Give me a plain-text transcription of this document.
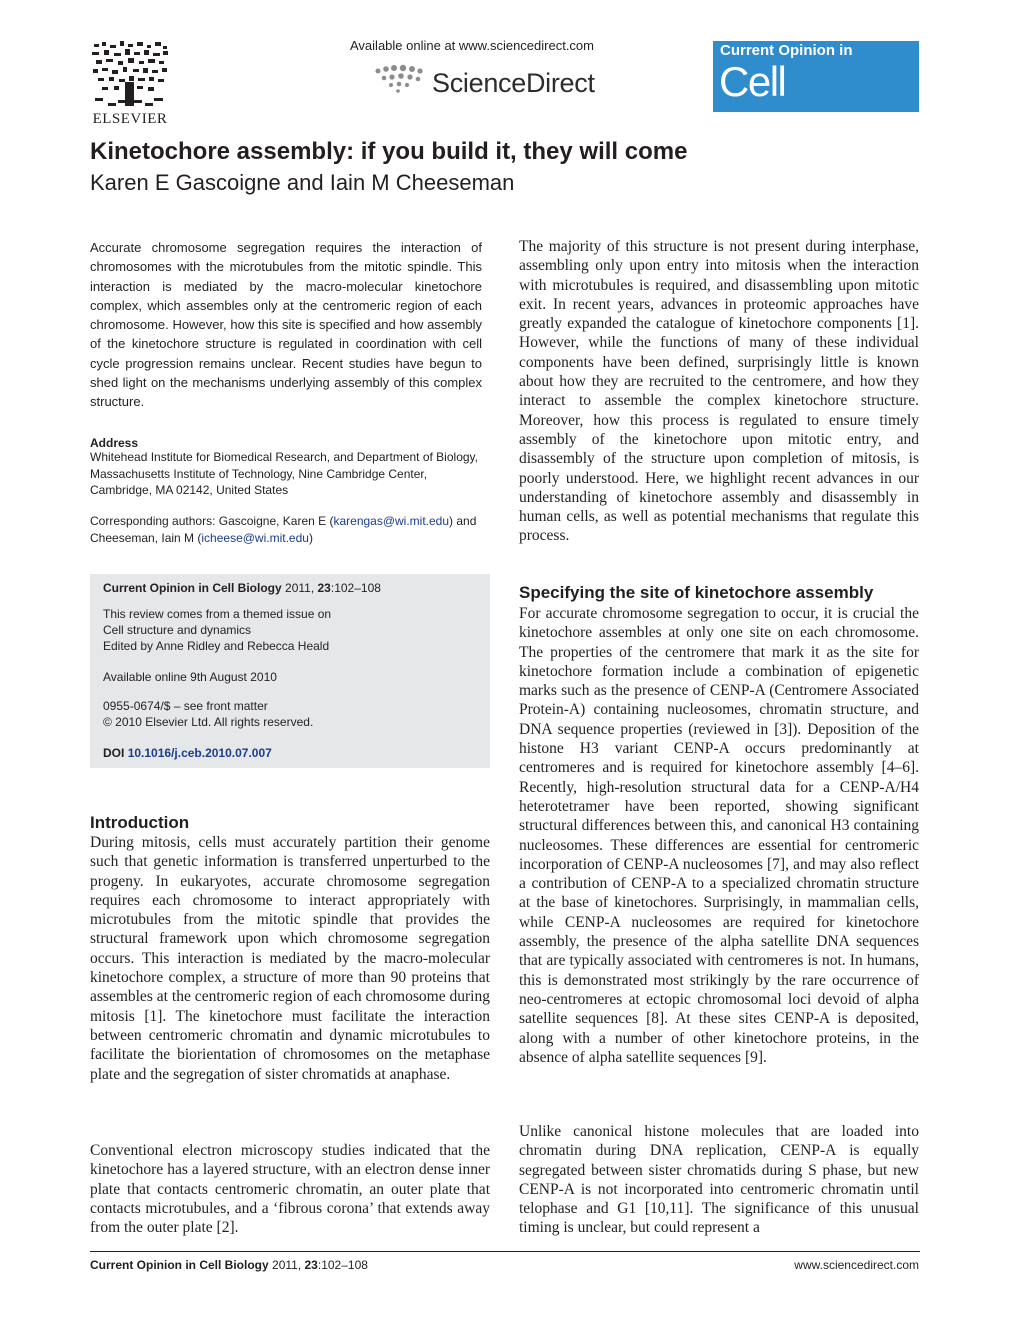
ELSEVIER
Available online at www.sciencedirect.com
ScienceDirect
Current Opinion in
Cell Biology
Kinetochore assembly: if you build it, they will come
Karen E Gascoigne and Iain M Cheeseman
Accurate chromosome segregation requires the interaction of chromosomes with the microtubules from the mitotic spindle. This interaction is mediated by the macro-molecular kinetochore complex, which assembles only at the centromeric region of each chromosome. However, how this site is specified and how assembly of the kinetochore structure is regulated in coordination with cell cycle progression remains unclear. Recent studies have begun to shed light on the mechanisms underlying assembly of this complex structure.
Address
Whitehead Institute for Biomedical Research, and Department of Biology, Massachusetts Institute of Technology, Nine Cambridge Center, Cambridge, MA 02142, United States
Corresponding authors: Gascoigne, Karen E (karengas@wi.mit.edu) and Cheeseman, Iain M (icheese@wi.mit.edu)
Current Opinion in Cell Biology 2011, 23:102–108
This review comes from a themed issue on
Cell structure and dynamics
Edited by Anne Ridley and Rebecca Heald
Available online 9th August 2010
0955-0674/$ – see front matter
© 2010 Elsevier Ltd. All rights reserved.
DOI 10.1016/j.ceb.2010.07.007
Introduction
During mitosis, cells must accurately partition their genome such that genetic information is transferred unperturbed to the progeny. In eukaryotes, accurate chromosome segregation requires each chromosome to interact appropriately with microtubules from the mitotic spindle that provides the structural framework upon which chromosome segregation occurs. This interaction is mediated by the macro-molecular kinetochore complex, a structure of more than 90 proteins that assembles at the centromeric region of each chromosome during mitosis [1]. The kinetochore must facilitate the interaction between centromeric chromatin and dynamic microtubules to facilitate the biorientation of chromosomes on the metaphase plate and the segregation of sister chromatids at anaphase.
Conventional electron microscopy studies indicated that the kinetochore has a layered structure, with an electron dense inner plate that contacts centromeric chromatin, an outer plate that contacts microtubules, and a ‘fibrous corona’ that extends away from the outer plate [2].
The majority of this structure is not present during interphase, assembling only upon entry into mitosis when the interaction with microtubules is required, and disassembling upon mitotic exit. In recent years, advances in proteomic approaches have greatly expanded the catalogue of kinetochore components [1]. However, while the functions of many of these individual components have been defined, surprisingly little is known about how they are recruited to the centromere, and how they interact to assemble the complex kinetochore structure. Moreover, how this process is regulated to ensure timely assembly of the kinetochore upon mitotic entry, and disassembly of the structure upon completion of mitosis, is poorly understood. Here, we highlight recent advances in our understanding of kinetochore assembly and disassembly in human cells, as well as potential mechanisms that regulate this process.
Specifying the site of kinetochore assembly
For accurate chromosome segregation to occur, it is crucial the kinetochore assembles at only one site on each chromosome. The properties of the centromere that mark it as the site for kinetochore formation include a combination of epigenetic marks such as the presence of CENP-A (Centromere Associated Protein-A) containing nucleosomes, chromatin structure, and DNA sequence properties (reviewed in [3]). Deposition of the histone H3 variant CENP-A occurs predominantly at centromeres and is required for kinetochore assembly [4–6]. Recently, high-resolution structural data for a CENP-A/H4 heterotetramer have been reported, showing significant structural differences between this, and canonical H3 containing nucleosomes. These differences are essential for centromeric incorporation of CENP-A nucleosomes [7], and may also reflect a contribution of CENP-A to a specialized chromatin structure at the base of kinetochores. Surprisingly, in mammalian cells, while CENP-A nucleosomes are required for kinetochore assembly, the presence of the alpha satellite DNA sequences that are typically associated with centromeres is not. In humans, this is demonstrated most strikingly by the rare occurrence of neo-centromeres at ectopic chromosomal loci devoid of alpha satellite sequences [8]. At these sites CENP-A is deposited, along with a number of other kinetochore proteins, in the absence of alpha satellite sequences [9].
Unlike canonical histone molecules that are loaded into chromatin during DNA replication, CENP-A is equally segregated between sister chromatids during S phase, but new CENP-A is not incorporated into centromeric chromatin until telophase and G1 [10,11]. The significance of this unusual timing is unclear, but could represent a
Current Opinion in Cell Biology 2011, 23:102–108	www.sciencedirect.com
